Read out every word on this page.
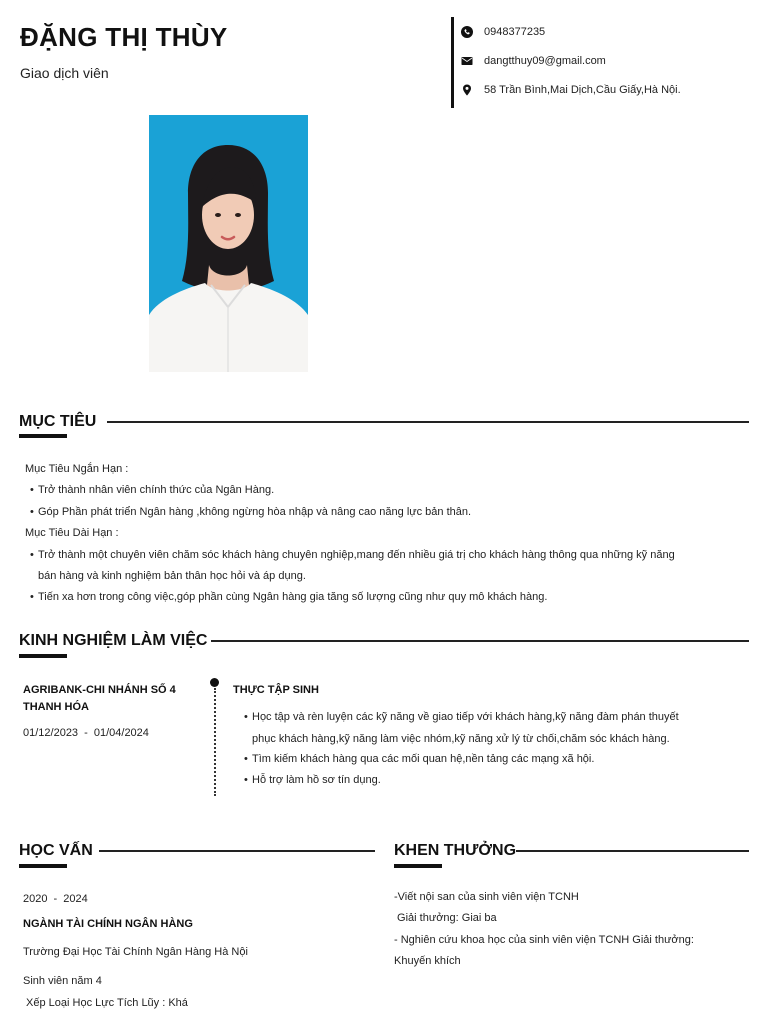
ĐẶNG THỊ THÙY
Giao dịch viên
0948377235
dangtthuy09@gmail.com
58 Trần Bình,Mai Dịch,Cầu Giấy,Hà Nội.
MỤC TIÊU
Mục Tiêu Ngắn Hạn :
• Trở thành nhân viên chính thức của Ngân Hàng.
• Góp Phần phát triển Ngân hàng ,không ngừng hòa nhập và nâng cao năng lực bản thân.
Mục Tiêu Dài Hạn :
• Trở thành một chuyên viên chăm sóc khách hàng chuyên nghiệp,mang đến nhiều giá trị cho khách hàng thông qua những kỹ năng
bán hàng và kinh nghiệm bản thân học hỏi và áp dụng.
• Tiến xa hơn trong công việc,góp phần cùng Ngân hàng gia tăng số lượng cũng như quy mô khách hàng.
KINH NGHIỆM LÀM VIỆC
AGRIBANK-CHI NHÁNH SỐ 4
THANH HÓA
01/12/2023 - 01/04/2024
THỰC TẬP SINH
• Học tập và rèn luyện các kỹ năng về giao tiếp với khách hàng,kỹ năng đàm phán thuyết
phục khách hàng,kỹ năng làm việc nhóm,kỹ năng xử lý từ chối,chăm sóc khách hàng.
• Tìm kiếm khách hàng qua các mối quan hệ,nền tảng các mạng xã hội.
• Hỗ trợ làm hồ sơ tín dụng.
HỌC VẤN
2020 - 2024
NGÀNH TÀI CHÍNH NGÂN HÀNG
Trường Đại Học Tài Chính Ngân Hàng Hà Nội
Sinh viên năm 4
Xếp Loại Học Lực Tích Lũy : Khá
KHEN THƯỞNG
-Viết nội san của sinh viên viện TCNH
Giải thưởng: Giai ba
- Nghiên cứu khoa học của sinh viên viện TCNH Giải thưởng:
Khuyến khích
